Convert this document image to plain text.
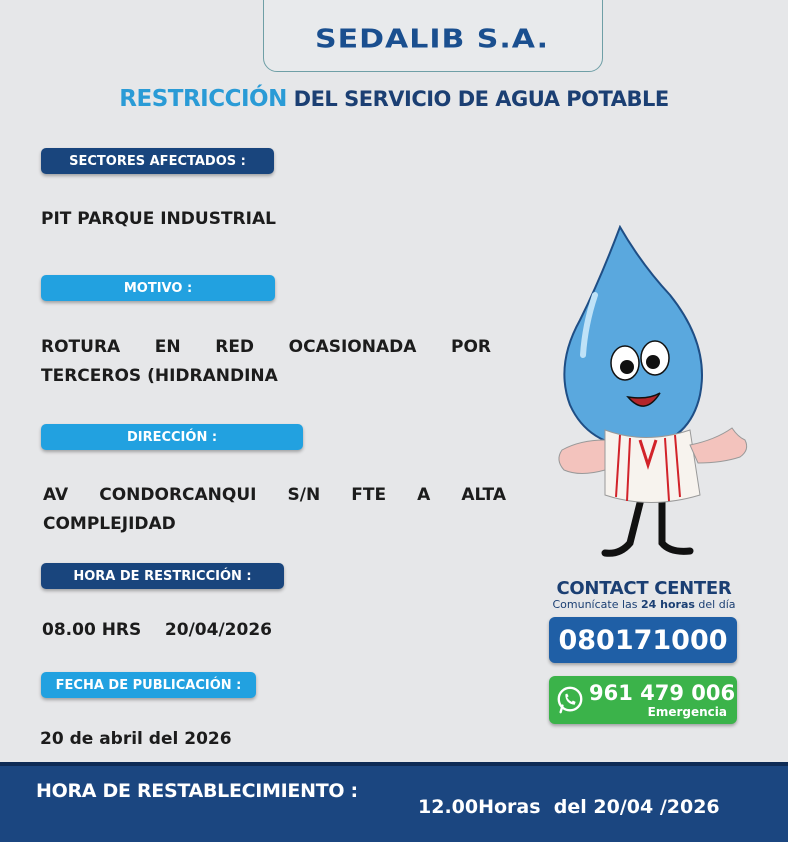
SEDALIB S.A.
RESTRICCIÓN DEL SERVICIO DE AGUA POTABLE
SECTORES AFECTADOS :
PIT PARQUE INDUSTRIAL
MOTIVO :
ROTURA EN RED OCASIONADA POR
TERCEROS (HIDRANDINA
DIRECCIÓN :
AV CONDORCANQUI S/N FTE A ALTA
COMPLEJIDAD
HORA DE RESTRICCIÓN :
08.00 HRS    20/04/2026
FECHA DE PUBLICACIÓN :
20 de abril del 2026
CONTACT CENTER
Comunícate las 24 horas del día
080171000
961 479 006
Emergencia
HORA DE RESTABLECIMIENTO :
12.00Horas  del 20/04 /2026
